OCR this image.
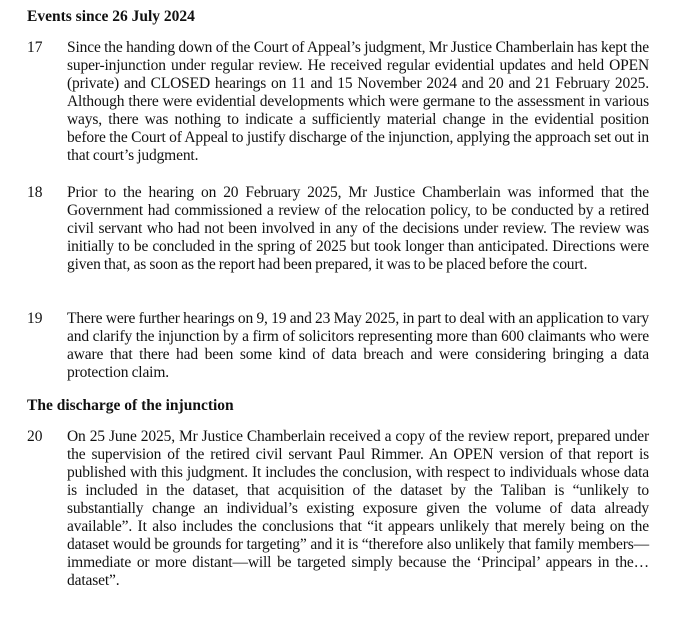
Events since 26 July 2024
17 Since the handing down of the Court of Appeal’s judgment, Mr Justice Chamberlain has kept the super-injunction under regular review. He received regular evidential updates and held OPEN (private) and CLOSED hearings on 11 and 15 November 2024 and 20 and 21 February 2025. Although there were evidential developments which were germane to the assessment in various ways, there was nothing to indicate a sufficiently material change in the evidential position before the Court of Appeal to justify discharge of the injunction, applying the approach set out in that court’s judgment.

18 Prior to the hearing on 20 February 2025, Mr Justice Chamberlain was informed that the Government had commissioned a review of the relocation policy, to be conducted by a retired civil servant who had not been involved in any of the decisions under review. The review was initially to be concluded in the spring of 2025 but took longer than anticipated. Directions were given that, as soon as the report had been prepared, it was to be placed before the court.

19 There were further hearings on 9, 19 and 23 May 2025, in part to deal with an application to vary and clarify the injunction by a firm of solicitors representing more than 600 claimants who were aware that there had been some kind of data breach and were considering bringing a data protection claim.

The discharge of the injunction
20 On 25 June 2025, Mr Justice Chamberlain received a copy of the review report, prepared under the supervision of the retired civil servant Paul Rimmer. An OPEN version of that report is published with this judgment. It includes the conclusion, with respect to individuals whose data is included in the dataset, that acquisition of the dataset by the Taliban is “unlikely to substantially change an individual’s existing exposure given the volume of data already available”. It also includes the conclusions that “it appears unlikely that merely being on the dataset would be grounds for targeting” and it is “therefore also unlikely that family members—immediate or more distant—will be targeted simply because the ‘Principal’ appears in the… dataset”.
